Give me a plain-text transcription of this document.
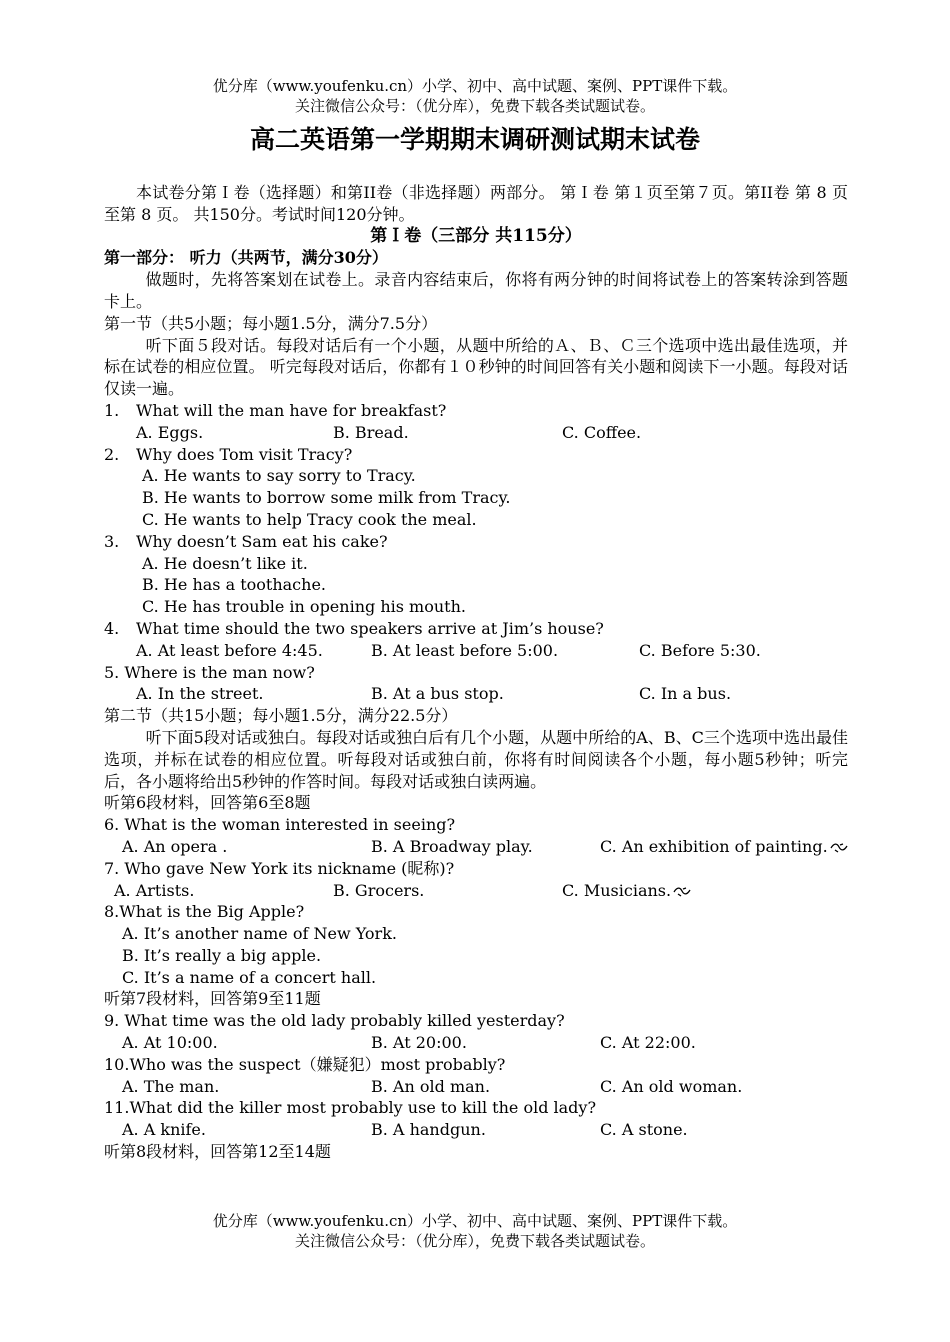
优分库（www.youfenku.cn）小学、初中、高中试题、案例、PPT课件下载。
关注微信公众号：（优分库），免费下载各类试题试卷。
高二英语第一学期期末调研测试期末试卷
本试卷分第Ｉ卷（选择题）和第II卷（非选择题）两部分。 第Ｉ卷 第１页至第７页。第II卷 第 8 页至第 8 页。 共150分。考试时间120分钟。
第Ｉ卷（三部分 共115分）
第一部分： 听力（共两节，满分30分）
做题时，先将答案划在试卷上。录音内容结束后，你将有两分钟的时间将试卷上的答案转涂到答题卡上。
第一节（共5小题；每小题1.5分，满分7.5分）
听下面５段对话。每段对话后有一个小题，从题中所给的Ａ、Ｂ、Ｃ三个选项中选出最佳选项，并标在试卷的相应位置。 听完每段对话后，你都有１０秒钟的时间回答有关小题和阅读下一小题。每段对话仅读一遍。
1. What will the man have for breakfast?
A. Eggs.	B. Bread.	C. Coffee.
2. Why does Tom visit Tracy?
A. He wants to say sorry to Tracy.
B. He wants to borrow some milk from Tracy.
C. He wants to help Tracy cook the meal.
3. Why doesn’t Sam eat his cake?
A. He doesn’t like it.
B. He has a toothache.
C. He has trouble in opening his mouth.
4. What time should the two speakers arrive at Jim’s house?
A. At least before 4:45.	B. At least before 5:00.	C. Before 5:30.
5. Where is the man now?
A. In the street.	B. At a bus stop.	C. In a bus.
第二节（共15小题；每小题1.5分，满分22.5分）
听下面5段对话或独白。每段对话或独白后有几个小题，从题中所给的A、B、C三个选项中选出最佳选项，并标在试卷的相应位置。听每段对话或独白前，你将有时间阅读各个小题，每小题5秒钟；听完后，各小题将给出5秒钟的作答时间。每段对话或独白读两遍。
听第6段材料，回答第6至8题
6. What is the woman interested in seeing?
A. An opera .	B. A Broadway play.	C. An exhibition of painting.
7. Who gave New York its nickname (昵称)?
A. Artists.	B. Grocers.	C. Musicians.
8.What is the Big Apple?
A. It’s another name of New York.
B. It’s really a big apple.
C. It’s a name of a concert hall.
听第7段材料，回答第9至11题
9. What time was the old lady probably killed yesterday?
A. At 10:00.	B. At 20:00.	C. At 22:00.
10.Who was the suspect（嫌疑犯）most probably?
A. The man.	B. An old man.	C. An old woman.
11.What did the killer most probably use to kill the old lady?
A. A knife.	B. A handgun.	C. A stone.
听第8段材料，回答第12至14题
优分库（www.youfenku.cn）小学、初中、高中试题、案例、PPT课件下载。
关注微信公众号：（优分库），免费下载各类试题试卷。
